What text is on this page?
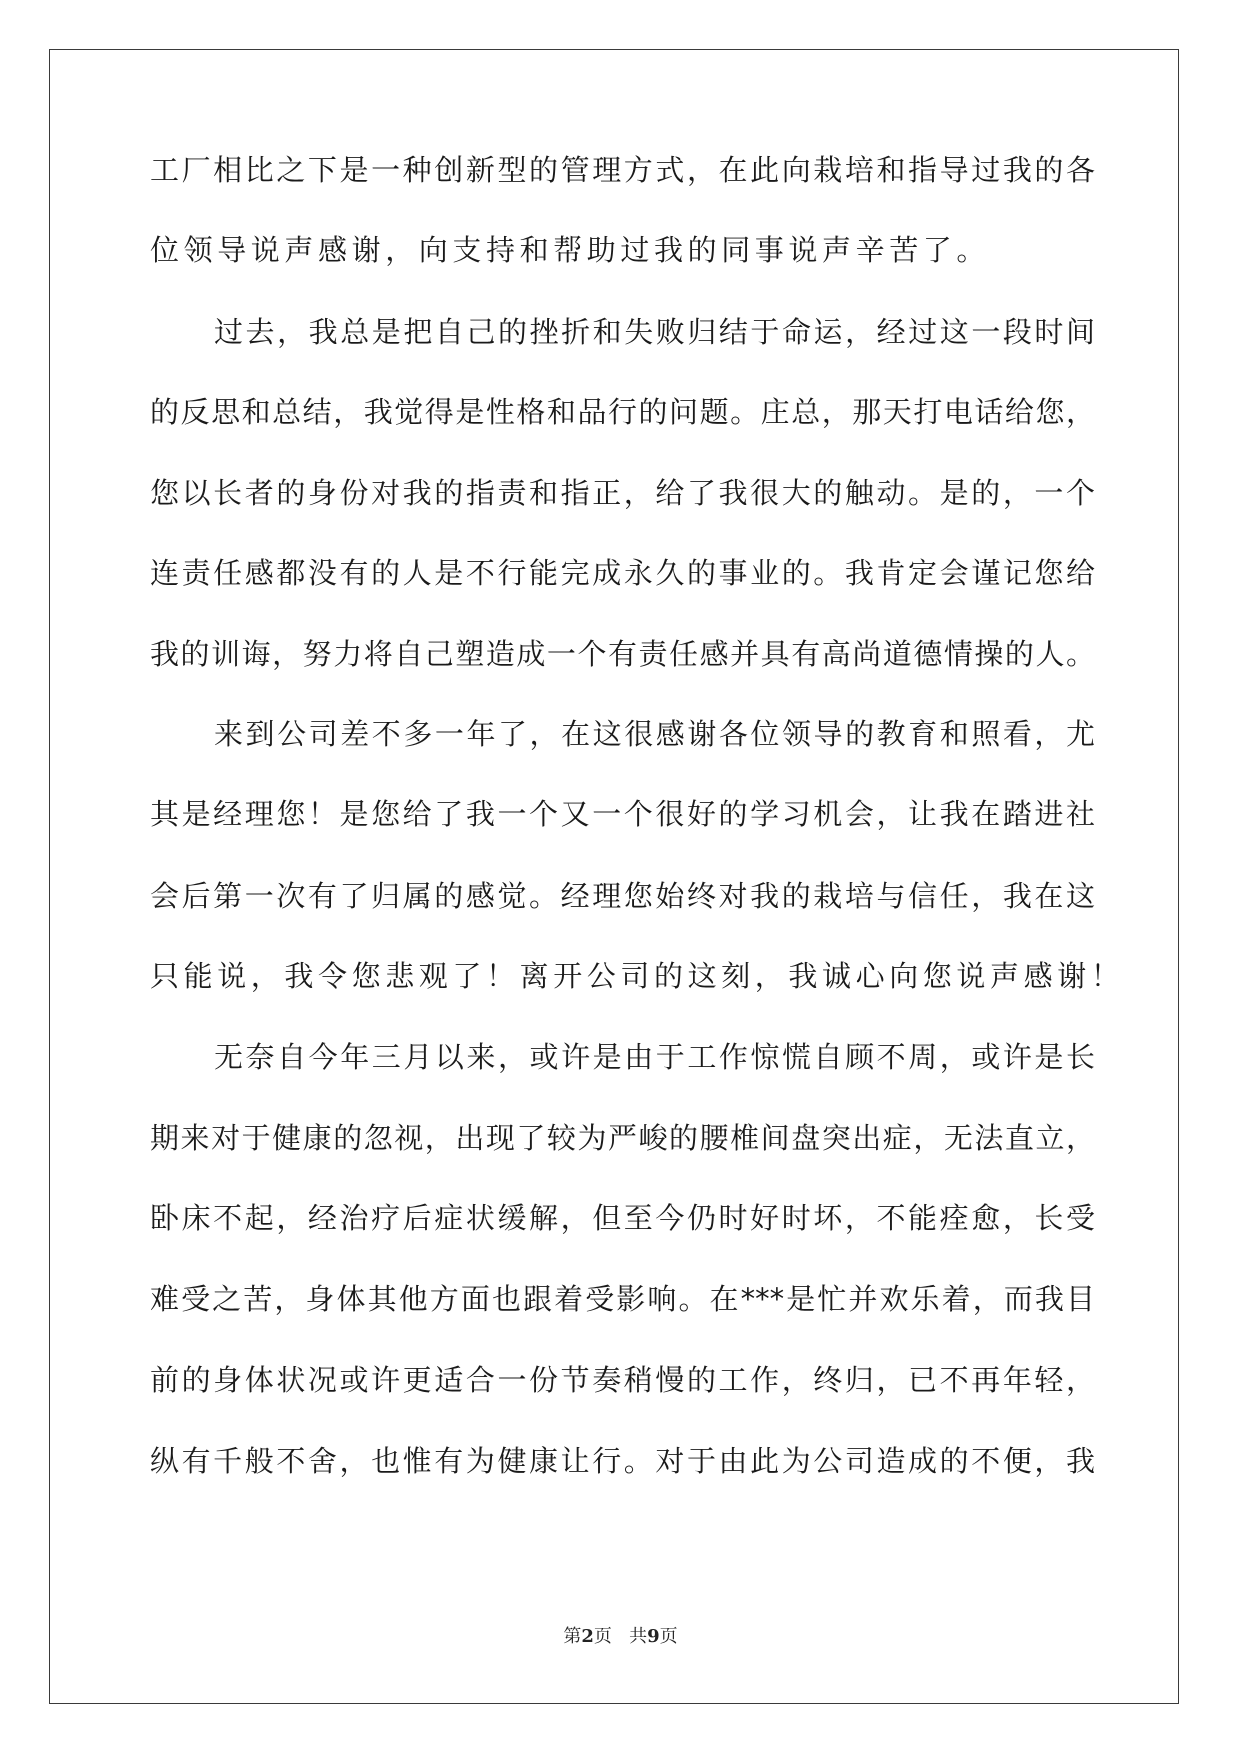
工厂相比之下是一种创新型的管理方式，在此向栽培和指导过我的各
位领导说声感谢，向支持和帮助过我的同事说声辛苦了。
过去，我总是把自己的挫折和失败归结于命运，经过这一段时间
的反思和总结，我觉得是性格和品行的问题。庄总，那天打电话给您，
您以长者的身份对我的指责和指正，给了我很大的触动。是的，一个
连责任感都没有的人是不行能完成永久的事业的。我肯定会谨记您给
我的训诲，努力将自己塑造成一个有责任感并具有高尚道德情操的人。
来到公司差不多一年了，在这很感谢各位领导的教育和照看，尤
其是经理您！是您给了我一个又一个很好的学习机会，让我在踏进社
会后第一次有了归属的感觉。经理您始终对我的栽培与信任，我在这
只能说，我令您悲观了！离开公司的这刻，我诚心向您说声感谢！
无奈自今年三月以来，或许是由于工作惊慌自顾不周，或许是长
期来对于健康的忽视，出现了较为严峻的腰椎间盘突出症，无法直立，
卧床不起，经治疗后症状缓解，但至今仍时好时坏，不能痊愈，长受
难受之苦，身体其他方面也跟着受影响。在***是忙并欢乐着，而我目
前的身体状况或许更适合一份节奏稍慢的工作，终归，已不再年轻，
纵有千般不舍，也惟有为健康让行。对于由此为公司造成的不便，我
第2页 共9页
